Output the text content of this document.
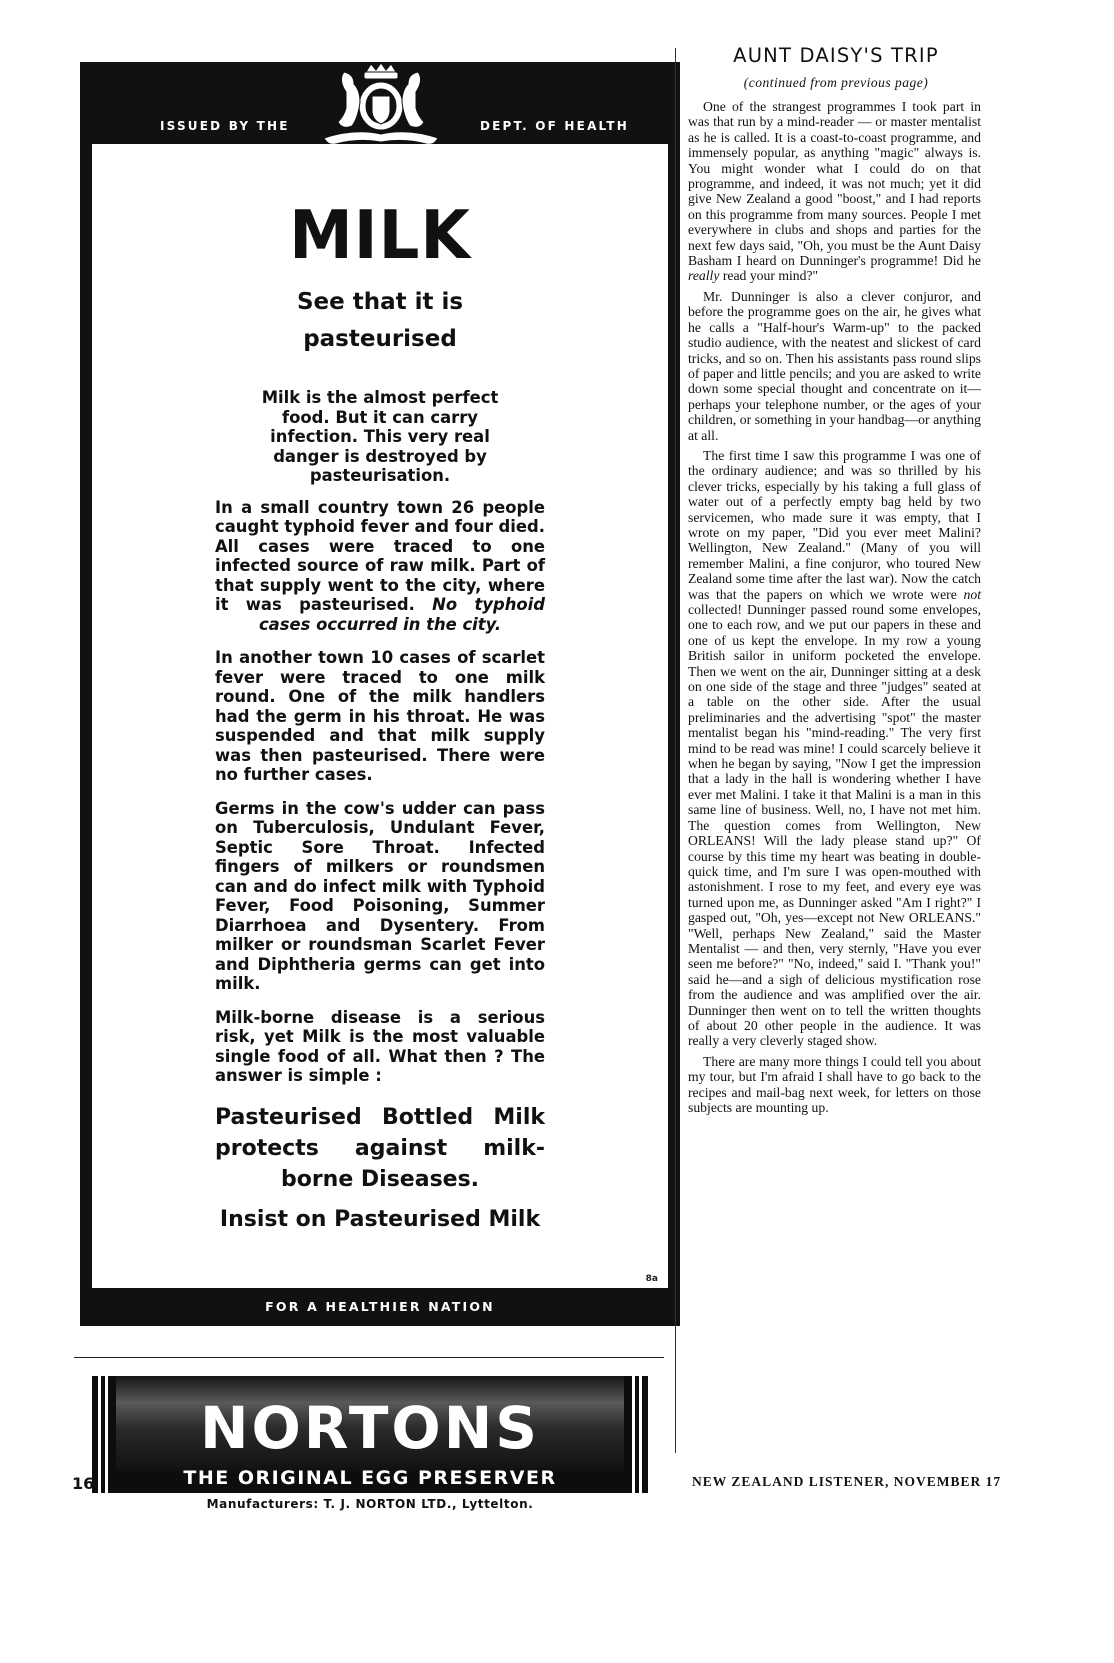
ISSUED BY THE	DEPT. OF HEALTH
MILK
See that it is pasteurised

Milk is the almost perfect food. But it can carry infection. This very real danger is destroyed by pasteurisation.

In a small country town 26 people caught typhoid fever and four died. All cases were traced to one infected source of raw milk. Part of that supply went to the city, where it was pasteurised. No typhoid cases occurred in the city.

In another town 10 cases of scarlet fever were traced to one milk round. One of the milk handlers had the germ in his throat. He was suspended and that milk supply was then pasteurised. There were no further cases.

Germs in the cow's udder can pass on Tuberculosis, Undulant Fever, Septic Sore Throat. Infected fingers of milkers or roundsmen can and do infect milk with Typhoid Fever, Food Poisoning, Summer Diarrhoea and Dysentery. From milker or roundsman Scarlet Fever and Diphtheria germs can get into milk.

Milk-borne disease is a serious risk, yet Milk is the most valuable single food of all. What then ? The answer is simple :

Pasteurised Bottled Milk protects against milk-borne Diseases.
Insist on Pasteurised Milk
8a
FOR A HEALTHIER NATION
NORTONS
THE ORIGINAL EGG PRESERVER
Manufacturers: T. J. NORTON LTD., Lyttelton.
AUNT DAISY'S TRIP
(continued from previous page)

One of the strangest programmes I took part in was that run by a mind-reader — or master mentalist as he is called. It is a coast-to-coast programme, and immensely popular, as anything "magic" always is. You might wonder what I could do on that programme, and indeed, it was not much; yet it did give New Zealand a good "boost," and I had reports on this programme from many sources. People I met everywhere in clubs and shops and parties for the next few days said, "Oh, you must be the Aunt Daisy Basham I heard on Dunninger's programme! Did he really read your mind?"

Mr. Dunninger is also a clever conjuror, and before the programme goes on the air, he gives what he calls a "Half-hour's Warm-up" to the packed studio audience, with the neatest and slickest of card tricks, and so on. Then his assistants pass round slips of paper and little pencils; and you are asked to write down some special thought and concentrate on it—perhaps your telephone number, or the ages of your children, or something in your handbag—or anything at all.

The first time I saw this programme I was one of the ordinary audience; and was so thrilled by his clever tricks, especially by his taking a full glass of water out of a perfectly empty bag held by two servicemen, who made sure it was empty, that I wrote on my paper, "Did you ever meet Malini? Wellington, New Zealand." (Many of you will remember Malini, a fine conjuror, who toured New Zealand some time after the last war). Now the catch was that the papers on which we wrote were not collected! Dunninger passed round some envelopes, one to each row, and we put our papers in these and one of us kept the envelope. In my row a young British sailor in uniform pocketed the envelope. Then we went on the air, Dunninger sitting at a desk on one side of the stage and three "judges" seated at a table on the other side. After the usual preliminaries and the advertising "spot" the master mentalist began his "mind-reading." The very first mind to be read was mine! I could scarcely believe it when he began by saying, "Now I get the impression that a lady in the hall is wondering whether I have ever met Malini. I take it that Malini is a man in this same line of business. Well, no, I have not met him. The question comes from Wellington, New ORLEANS! Will the lady please stand up?" Of course by this time my heart was beating in double-quick time, and I'm sure I was open-mouthed with astonishment. I rose to my feet, and every eye was turned upon me, as Dunninger asked "Am I right?" I gasped out, "Oh, yes—except not New ORLEANS." "Well, perhaps New Zealand," said the Master Mentalist — and then, very sternly, "Have you ever seen me before?" "No, indeed," said I. "Thank you!" said he—and a sigh of delicious mystification rose from the audience and was amplified over the air. Dunninger then went on to tell the written thoughts of about 20 other people in the audience. It was really a very cleverly staged show.

There are many more things I could tell you about my tour, but I'm afraid I shall have to go back to the recipes and mail-bag next week, for letters on those subjects are mounting up.

16	NEW ZEALAND LISTENER, NOVEMBER 17
